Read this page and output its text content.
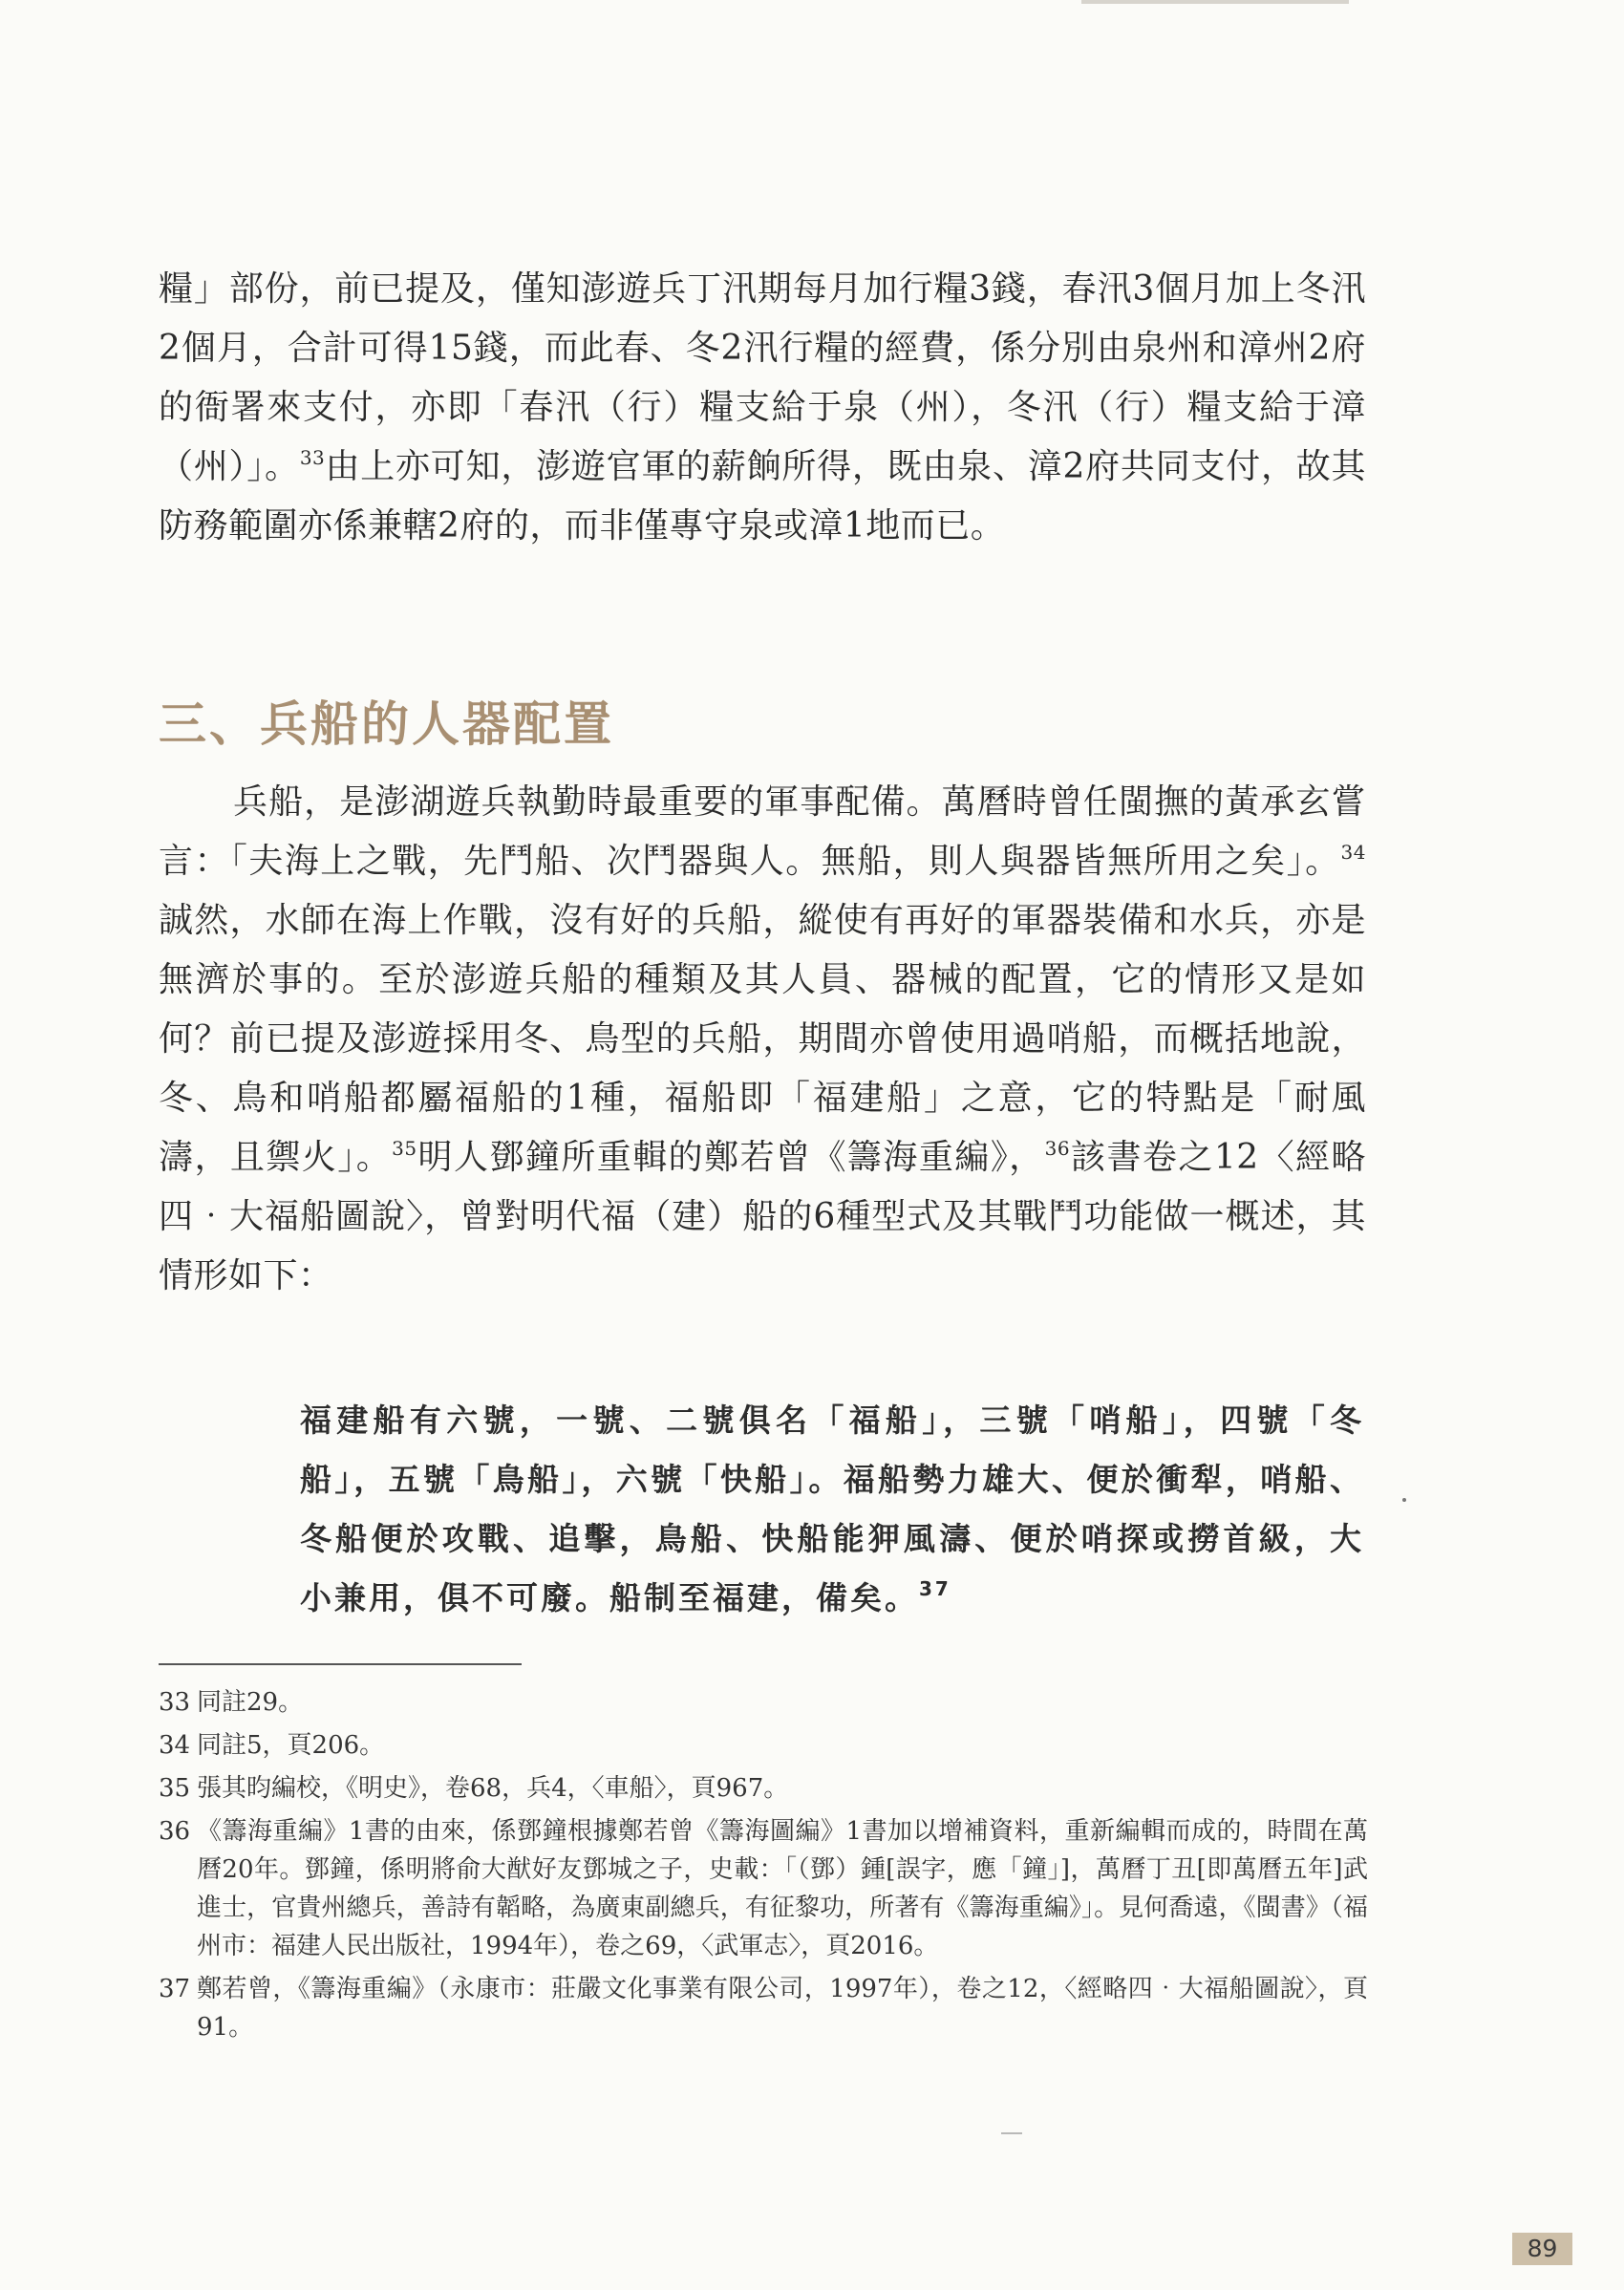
糧」部份，前已提及，僅知澎遊兵丁汛期每月加行糧3錢，春汛3個月加上冬汛2個月，合計可得15錢，而此春、冬2汛行糧的經費，係分別由泉州和漳州2府的衙署來支付，亦即「春汛（行）糧支給于泉（州），冬汛（行）糧支給于漳（州）」。$^{33}$由上亦可知，澎遊官軍的薪餉所得，既由泉、漳2府共同支付，故其防務範圍亦係兼轄2府的，而非僅專守泉或漳1地而已。

三、兵船的人器配置

兵船，是澎湖遊兵執勤時最重要的軍事配備。萬曆時曾任閩撫的黃承玄嘗言：「夫海上之戰，先鬥船、次鬥器與人。無船，則人與器皆無所用之矣」。$^{34}$誠然，水師在海上作戰，沒有好的兵船，縱使有再好的軍器裝備和水兵，亦是無濟於事的。至於澎遊兵船的種類及其人員、器械的配置，它的情形又是如何？前已提及澎遊採用冬、鳥型的兵船，期間亦曾使用過哨船，而概括地說，冬、鳥和哨船都屬福船的1種，福船即「福建船」之意，它的特點是「耐風濤，且禦火」。$^{35}$明人鄧鐘所重輯的鄭若曾《籌海重編》，$^{36}$該書卷之12〈經略四‧大福船圖說〉，曾對明代福（建）船的6種型式及其戰鬥功能做一概述，其情形如下：

福建船有六號，一號、二號俱名「福船」，三號「哨船」，四號「冬船」，五號「鳥船」，六號「快船」。福船勢力雄大、便於衝犁，哨船、冬船便於攻戰、追擊，鳥船、快船能狎風濤、便於哨探或撈首級，大小兼用，俱不可廢。船制至福建，備矣。$^{37}$

33 同註29。
34 同註5，頁206。
35 張其昀編校，《明史》，卷68，兵4，〈車船〉，頁967。
36 《籌海重編》1書的由來，係鄧鐘根據鄭若曾《籌海圖編》1書加以增補資料，重新編輯而成的，時間在萬曆20年。鄧鐘，係明將俞大猷好友鄧城之子，史載：「（鄧）鍾[誤字，應「鐘」]，萬曆丁丑[即萬曆五年]武進士，官貴州總兵，善詩有韜略，為廣東副總兵，有征黎功，所著有《籌海重編》」。見何喬遠，《閩書》（福州市：福建人民出版社，1994年），卷之69，〈武軍志〉，頁2016。
37 鄭若曾，《籌海重編》（永康市：莊嚴文化事業有限公司，1997年），卷之12，〈經略四‧大福船圖說〉，頁91。
89
